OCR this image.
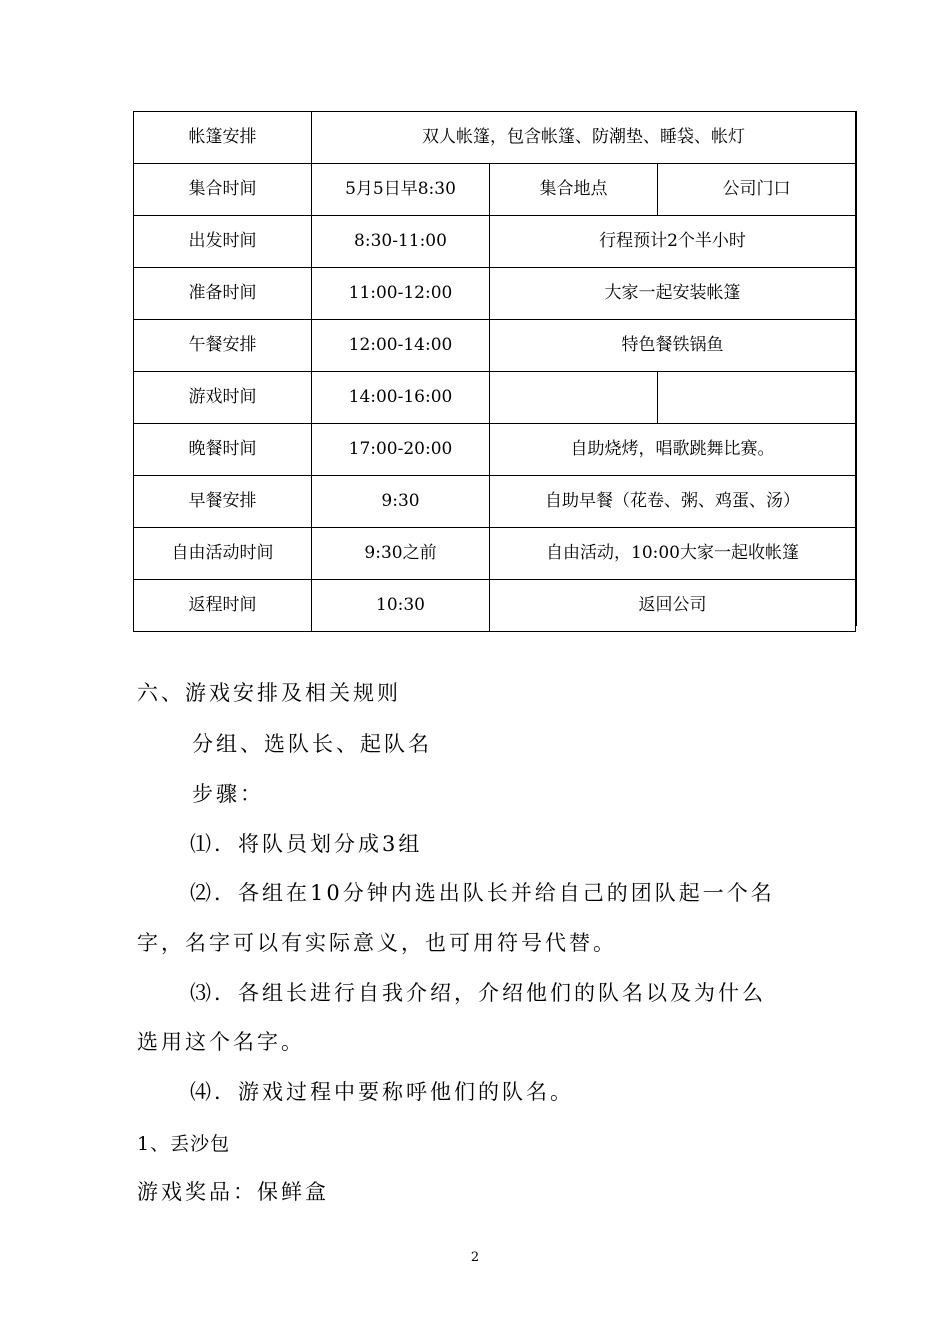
帐篷安排	双人帐篷，包含帐篷、防潮垫、睡袋、帐灯		
集合时间	5月5日早8:30	集合地点	公司门口
出发时间	8:30-11:00	行程预计2个半小时	
准备时间	11:00-12:00	大家一起安装帐篷	
午餐安排	12:00-14:00	特色餐铁锅鱼	
游戏时间	14:00-16:00		
晚餐时间	17:00-20:00	自助烧烤，唱歌跳舞比赛。	
早餐安排	9:30	自助早餐（花卷、粥、鸡蛋、汤）	
自由活动时间	9:30之前	自由活动，10:00大家一起收帐篷	
返程时间	10:30	返回公司	
六、游戏安排及相关规则
分组、选队长、起队名
步骤：
⑴．将队员划分成3组
⑵．各组在10分钟内选出队长并给自己的团队起一个名
字，名字可以有实际意义，也可用符号代替。
⑶．各组长进行自我介绍，介绍他们的队名以及为什么
选用这个名字。
⑷．游戏过程中要称呼他们的队名。
1、丢沙包
游戏奖品：保鲜盒
2
